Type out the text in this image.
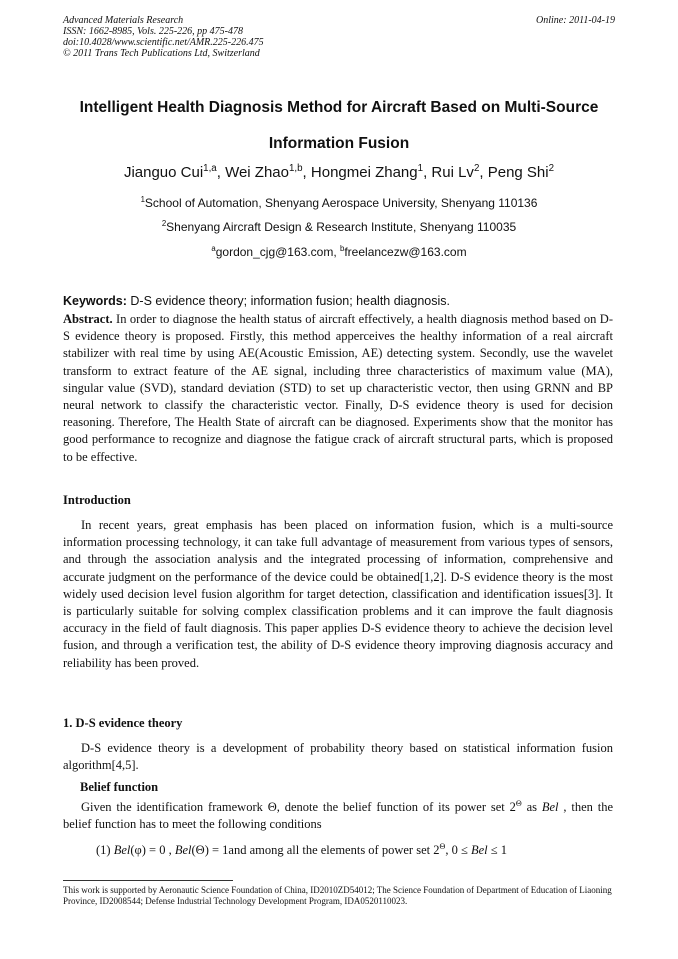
Advanced Materials Research
ISSN: 1662-8985, Vols. 225-226, pp 475-478
doi:10.4028/www.scientific.net/AMR.225-226.475
© 2011 Trans Tech Publications Ltd, Switzerland
Online: 2011-04-19
Intelligent Health Diagnosis Method for Aircraft Based on Multi-Source Information Fusion
Jianguo Cui$^{1,a}$, Wei Zhao$^{1,b}$, Hongmei Zhang$^1$, Rui Lv$^2$, Peng Shi$^2$
$^1$School of Automation, Shenyang Aerospace University, Shenyang 110136
$^2$Shenyang Aircraft Design & Research Institute, Shenyang 110035
$^a$gordon_cjg@163.com, $^b$freelancezw@163.com
Keywords: D-S evidence theory; information fusion; health diagnosis.
Abstract. In order to diagnose the health status of aircraft effectively, a health diagnosis method based on D-S evidence theory is proposed. Firstly, this method apperceives the healthy information of a real aircraft stabilizer with real time by using AE(Acoustic Emission, AE) detecting system. Secondly, use the wavelet transform to extract feature of the AE signal, including three characteristics of maximum value (MA), singular value (SVD), standard deviation (STD) to set up characteristic vector, then using GRNN and BP neural network to classify the characteristic vector. Finally, D-S evidence theory is used for decision reasoning. Therefore, The Health State of aircraft can be diagnosed. Experiments show that the monitor has good performance to recognize and diagnose the fatigue crack of aircraft structural parts, which is proposed to be effective.
Introduction
In recent years, great emphasis has been placed on information fusion, which is a multi-source information processing technology, it can take full advantage of measurement from various types of sensors, and through the association analysis and the integrated processing of information, comprehensive and accurate judgment on the performance of the device could be obtained[1,2]. D-S evidence theory is the most widely used decision level fusion algorithm for target detection, classification and identification issues[3]. It is particularly suitable for solving complex classification problems and it can improve the fault diagnosis accuracy in the field of fault diagnosis. This paper applies D-S evidence theory to achieve the decision level fusion, and through a verification test, the ability of D-S evidence theory improving diagnosis accuracy and reliability has been proved.
1. D-S evidence theory
D-S evidence theory is a development of probability theory based on statistical information fusion algorithm[4,5].
Belief function
Given the identification framework Θ, denote the belief function of its power set $2^\Theta$ as Bel , then the belief function has to meet the following conditions
(1) Bel(φ) = 0 , Bel(Θ) = 1and among all the elements of power set $2^\Theta$, 0 ≤ Bel ≤ 1
This work is supported by Aeronautic Science Foundation of China, ID2010ZD54012; The Science Foundation of Department of Education of Liaoning Province, ID2008544; Defense Industrial Technology Development Program, IDA0520110023.
